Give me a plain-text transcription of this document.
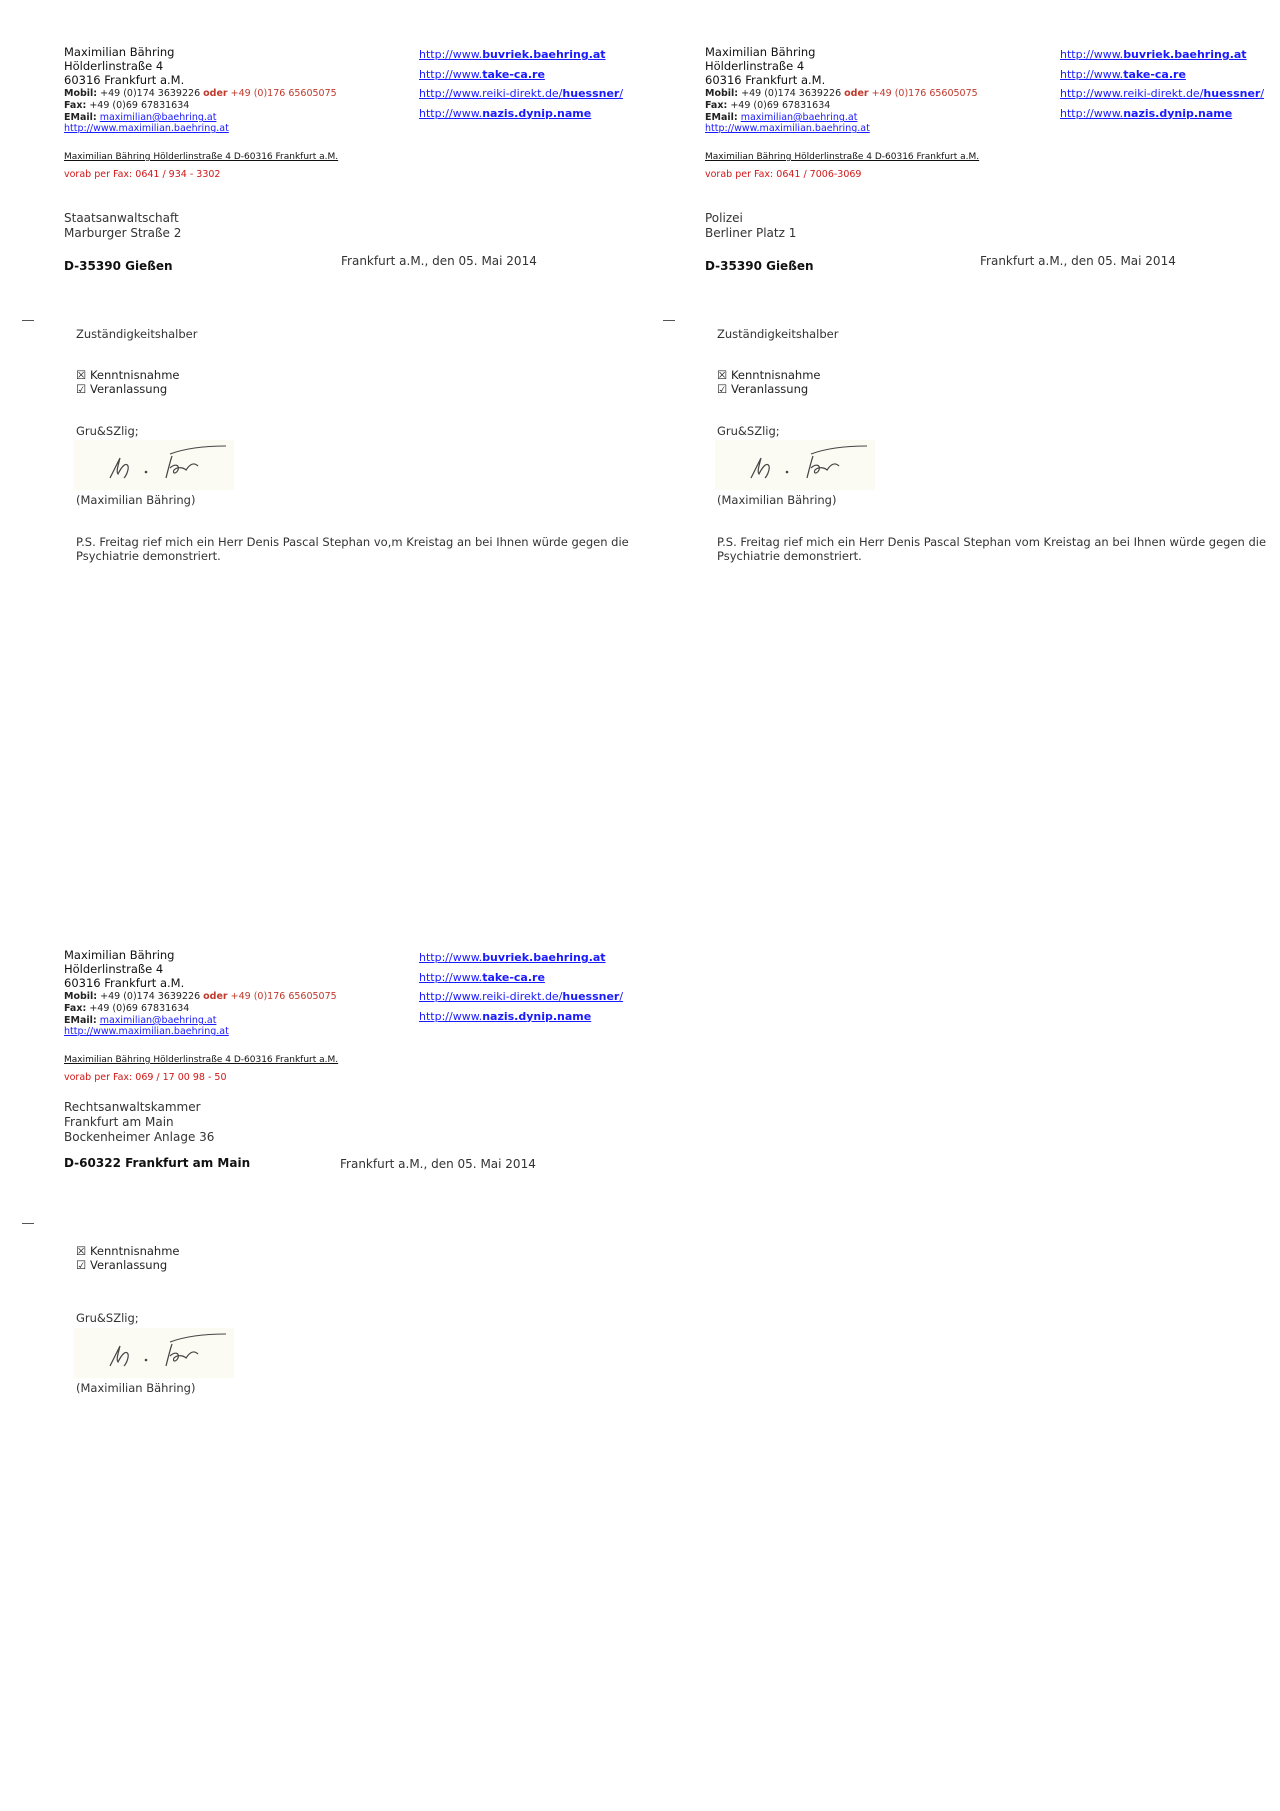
Maximilian Bähring
Hölderlinstraße 4
60316 Frankfurt a.M.
Mobil: +49 (0)174 3639226 oder +49 (0)176 65605075
Fax: +49 (0)69 67831634
EMail: maximilian@baehring.at
http://www.maximilian.baehring.at
http://www.buvriek.baehring.at
http://www.take-ca.re
http://www.reiki-direkt.de/huessner/
http://www.nazis.dynip.name
Maximilian Bähring Hölderlinstraße 4 D-60316 Frankfurt a.M.
vorab per Fax: 0641 / 934 - 3302
Staatsanwaltschaft
Marburger Straße 2
D-35390 Gießen	Frankfurt a.M., den 05. Mai 2014
Zuständigkeitshalber
☒ Kenntnisnahme
☑ Veranlassung
Gru&SZlig;
(Maximilian Bähring)
P.S. Freitag rief mich ein Herr Denis Pascal Stephan vo,m Kreistag an bei Ihnen würde gegen die
Psychiatrie demonstriert.
Maximilian Bähring
Hölderlinstraße 4
60316 Frankfurt a.M.
Mobil: +49 (0)174 3639226 oder +49 (0)176 65605075
Fax: +49 (0)69 67831634
EMail: maximilian@baehring.at
http://www.maximilian.baehring.at
http://www.buvriek.baehring.at
http://www.take-ca.re
http://www.reiki-direkt.de/huessner/
http://www.nazis.dynip.name
Maximilian Bähring Hölderlinstraße 4 D-60316 Frankfurt a.M.
vorab per Fax: 0641 / 7006-3069
Polizei
Berliner Platz 1
D-35390 Gießen	Frankfurt a.M., den 05. Mai 2014
Zuständigkeitshalber
☒ Kenntnisnahme
☑ Veranlassung
Gru&SZlig;
(Maximilian Bähring)
P.S. Freitag rief mich ein Herr Denis Pascal Stephan vom Kreistag an bei Ihnen würde gegen die
Psychiatrie demonstriert.
Maximilian Bähring
Hölderlinstraße 4
60316 Frankfurt a.M.
Mobil: +49 (0)174 3639226 oder +49 (0)176 65605075
Fax: +49 (0)69 67831634
EMail: maximilian@baehring.at
http://www.maximilian.baehring.at
http://www.buvriek.baehring.at
http://www.take-ca.re
http://www.reiki-direkt.de/huessner/
http://www.nazis.dynip.name
Maximilian Bähring Hölderlinstraße 4 D-60316 Frankfurt a.M.
vorab per Fax: 069 / 17 00 98 - 50
Rechtsanwaltskammer
Frankfurt am Main
Bockenheimer Anlage 36
D-60322 Frankfurt am Main	Frankfurt a.M., den 05. Mai 2014
☒ Kenntnisnahme
☑ Veranlassung
Gru&SZlig;
(Maximilian Bähring)
